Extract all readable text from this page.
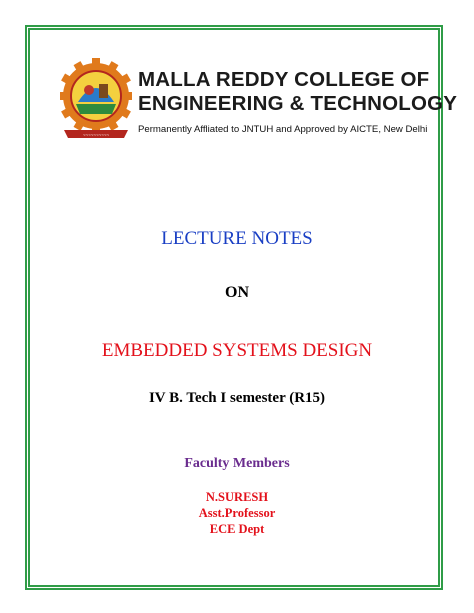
~~~~~~~~~~
MALLA REDDY COLLEGE OF
ENGINEERING & TECHNOLOGY
Permanently Affliated to JNTUH and Approved by AICTE, New Delhi
LECTURE NOTES
ON
EMBEDDED SYSTEMS DESIGN
IV B. Tech I semester (R15)
Faculty Members
N.SURESH
Asst.Professor
ECE Dept
